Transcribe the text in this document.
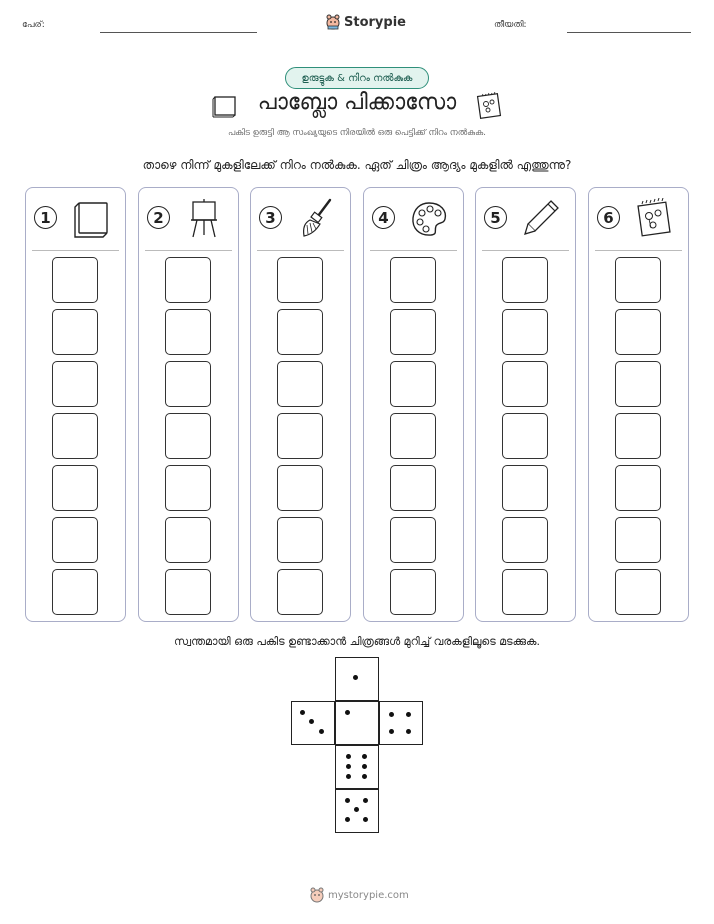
പേര്:	Storypie	തീയതി:
ഉരുട്ടുക & നിറം നൽകുക
പാബ്ലോ പിക്കാസോ
പകിട ഉരുട്ടി ആ സംഖ്യയുടെ നിരയിൽ ഒരു പെട്ടിക്ക് നിറം നൽകുക.
താഴെ നിന്ന് മുകളിലേക്ക് നിറം നൽകുക. ഏത് ചിത്രം ആദ്യം മുകളിൽ എത്തുന്നു?
1	2	3	4	5	6
സ്വന്തമായി ഒരു പകിട ഉണ്ടാക്കാൻ ചിത്രങ്ങൾ മുറിച്ച് വരകളിലൂടെ മടക്കുക.
mystorypie.com
